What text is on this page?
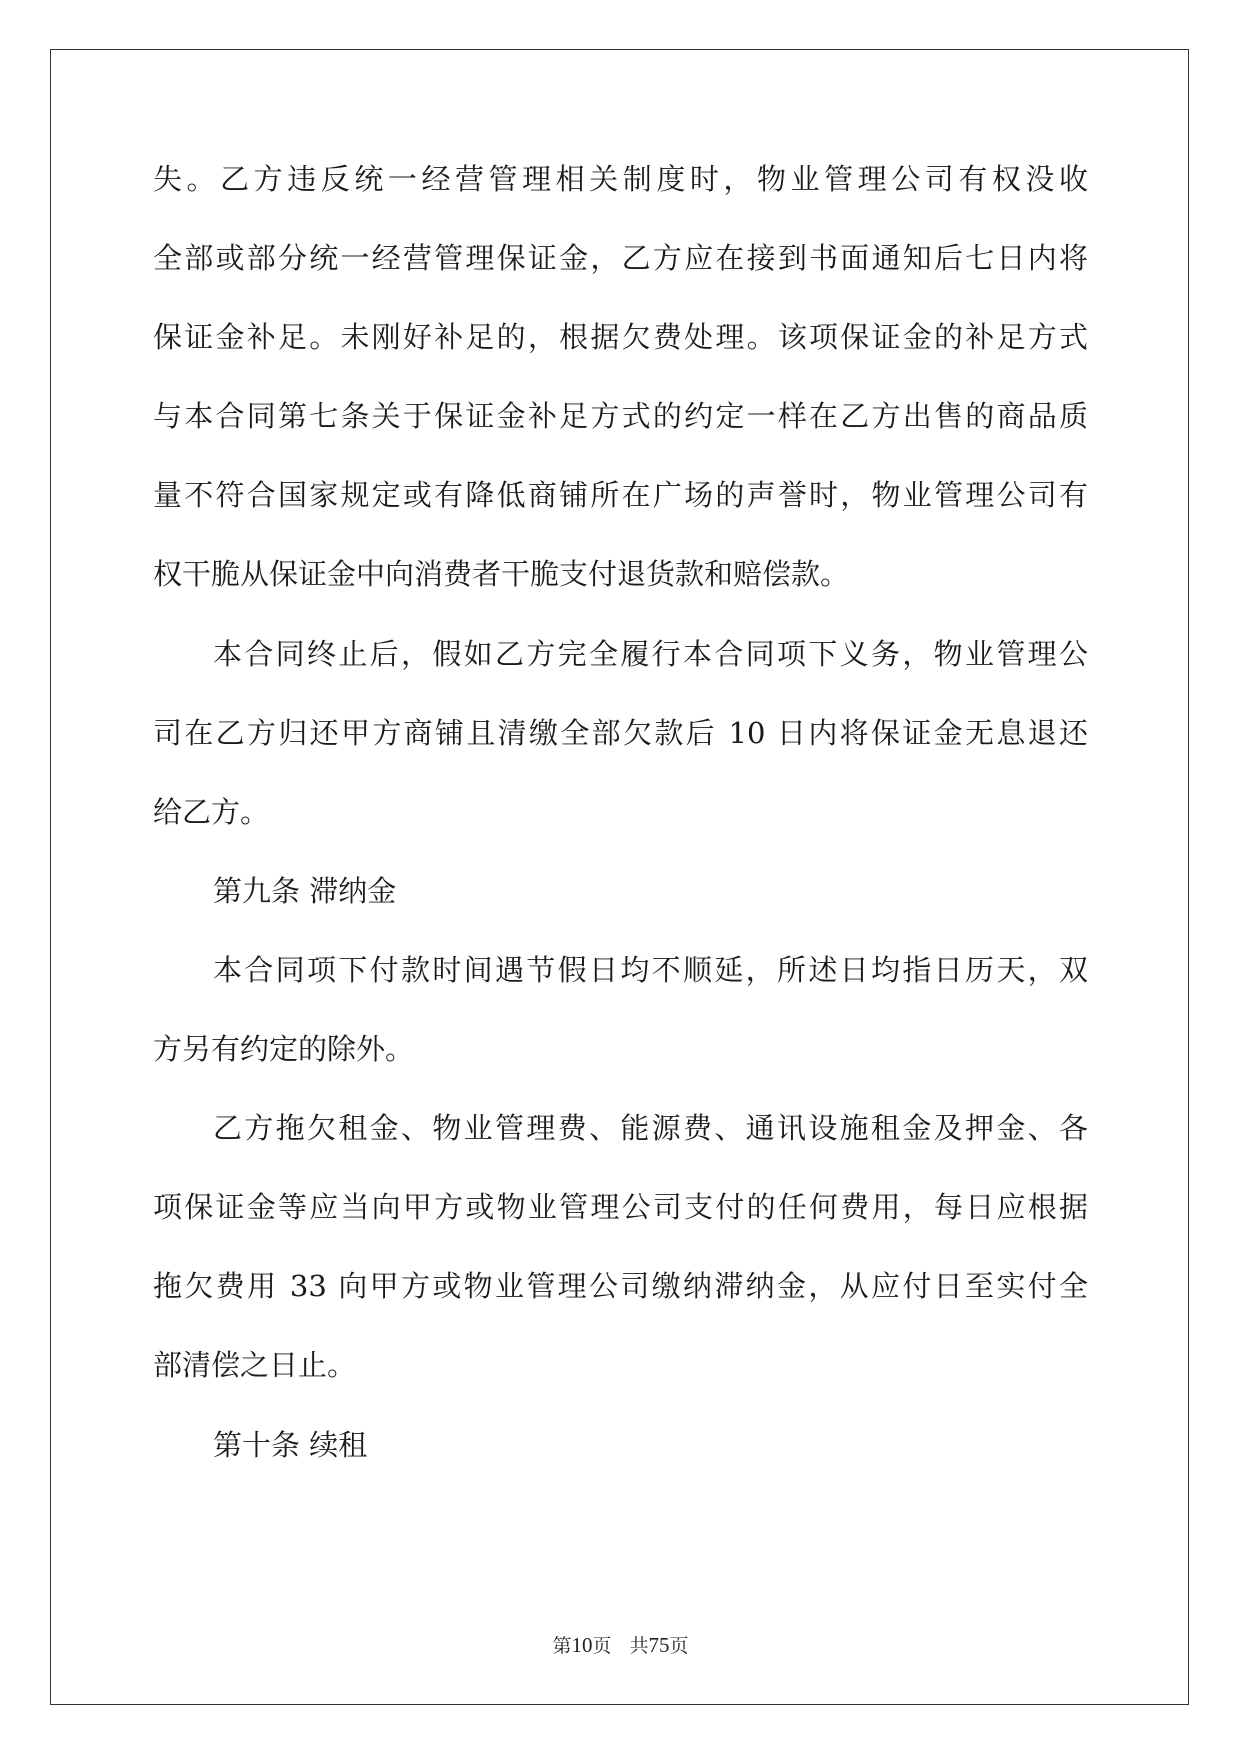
失。乙方违反统一经营管理相关制度时，物业管理公司有权没收
全部或部分统一经营管理保证金，乙方应在接到书面通知后七日内将
保证金补足。未刚好补足的，根据欠费处理。该项保证金的补足方式
与本合同第七条关于保证金补足方式的约定一样在乙方出售的商品质
量不符合国家规定或有降低商铺所在广场的声誉时，物业管理公司有
权干脆从保证金中向消费者干脆支付退货款和赔偿款。
本合同终止后，假如乙方完全履行本合同项下义务，物业管理公
司在乙方归还甲方商铺且清缴全部欠款后 10 日内将保证金无息退还
给乙方。
第九条 滞纳金
本合同项下付款时间遇节假日均不顺延，所述日均指日历天，双
方另有约定的除外。
乙方拖欠租金、物业管理费、能源费、通讯设施租金及押金、各
项保证金等应当向甲方或物业管理公司支付的任何费用，每日应根据
拖欠费用 33 向甲方或物业管理公司缴纳滞纳金，从应付日至实付全
部清偿之日止。
第十条 续租
第10页 共75页
